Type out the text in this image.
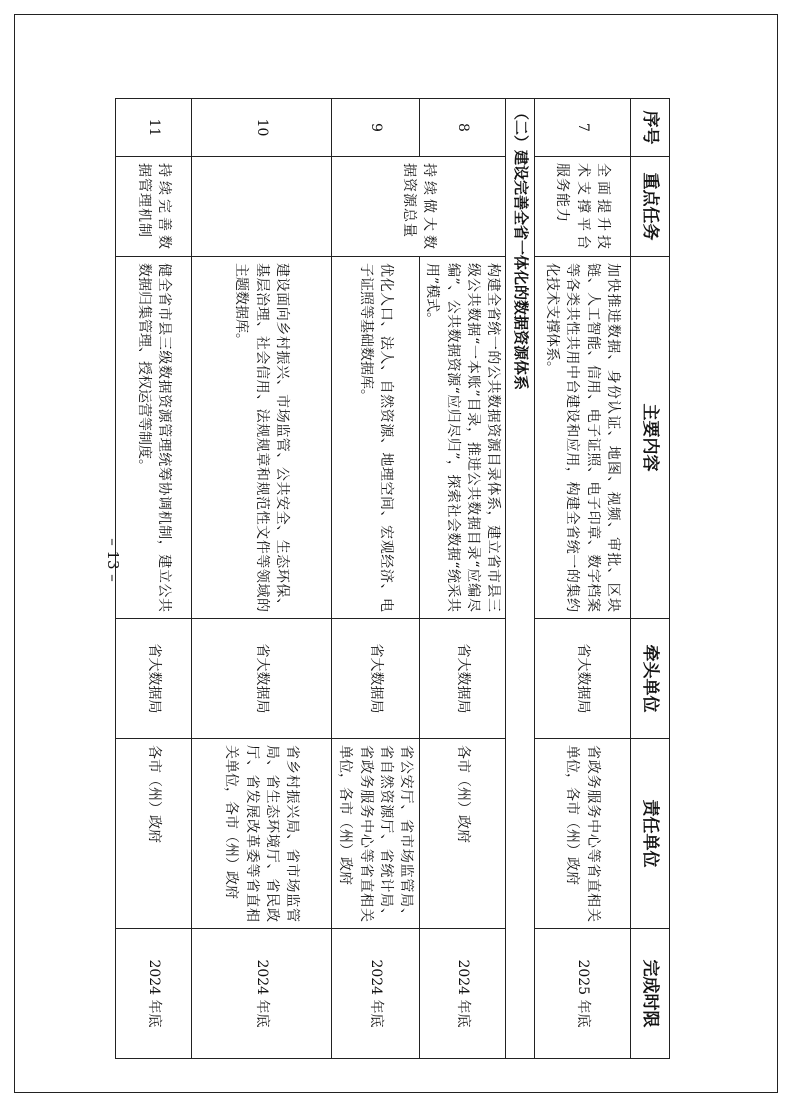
序号	重点任务	主要内容	牵头单位	责任单位	完成时限
7	全面提升技术支撑平台服务能力	加快推进数据、身份认证、地图、视频、审批、区块链、人工智能、信用、电子证照、电子印章、数字档案等各类共性共用中台建设和应用，构建全省统一的集约化技术支撑体系。	省大数据局	省政务服务中心等省直相关单位，各市（州）政府	2025 年底
（二）建设完善全省一体化的数据资源体系					
8	持续做大数据资源总量	构建全省统一的公共数据资源目录体系，建立省市县三级公共数据“一本账”目录，推进公共数据目录“应编尽编”、公共数据资源“应归尽归”，探索社会数据“统采共用”模式。	省大数据局	各市（州）政府	2024 年底
9		优化人口、法人、自然资源、地理空间、宏观经济、电子证照等基础数据库。	省大数据局	省公安厅、省市场监管局、省自然资源厅、省统计局、省政务服务中心等省直相关单位，各市（州）政府	2024 年底
10		建设面向乡村振兴、市场监管、公共安全、生态环保、基层治理、社会信用、法规规章和规范性文件等领域的主题数据库。	省大数据局	省乡村振兴局、省市场监管局、省生态环境厅、省民政厅、省发展改革委等省直相关单位，各市（州）政府	2024 年底
11	持续完善数据管理机制	健全省市县三级数据资源管理统筹协调机制，建立公共数据归集管理、授权运营等制度。	省大数据局	各市（州）政府	2024 年底
– 13 –
